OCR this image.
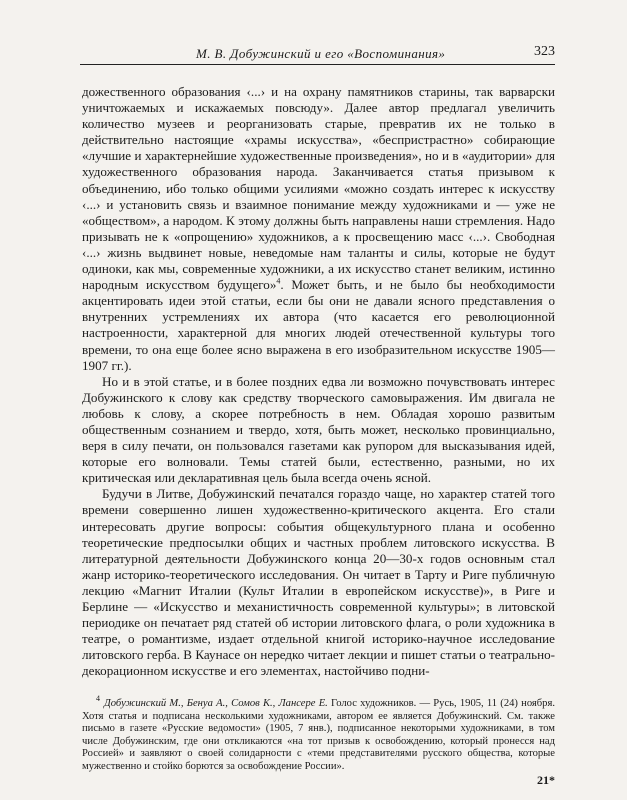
М. В. Добужинский и его «Воспоминания»	323

дожественного образования ‹...› и на охрану памятников старины, так варварски уничтожаемых и искажаемых повсюду». Далее автор предлагал увеличить количество музеев и реорганизовать старые, превратив их не только в действительно настоящие «храмы искусства», «беспристрастно» собирающие «лучшие и характернейшие художественные произведения», но и в «аудитории» для художественного образования народа. Заканчивается статья призывом к объединению, ибо только общими усилиями «можно создать интерес к искусству ‹...› и установить связь и взаимное понимание между художниками и — уже не «обществом», а народом. К этому должны быть направлены наши стремления. Надо призывать не к «опрощению» художников, а к просвещению масс ‹...›. Свободная ‹...› жизнь выдвинет новые, неведомые нам таланты и силы, которые не будут одиноки, как мы, современные художники, а их искусство станет великим, истинно народным искусством будущего»$^4$. Может быть, и не было бы необходимости акцентировать идеи этой статьи, если бы они не давали ясного представления о внутренних устремлениях их автора (что касается его революционной настроенности, характерной для многих людей отечественной культуры того времени, то она еще более ясно выражена в его изобразительном искусстве 1905—1907 гг.).

Но и в этой статье, и в более поздних едва ли возможно почувствовать интерес Добужинского к слову как средству творческого самовыражения. Им двигала не любовь к слову, а скорее потребность в нем. Обладая хорошо развитым общественным сознанием и твердо, хотя, быть может, несколько провинциально, веря в силу печати, он пользовался газетами как рупором для высказывания идей, которые его волновали. Темы статей были, естественно, разными, но их критическая или декларативная цель была всегда очень ясной.

Будучи в Литве, Добужинский печатался гораздо чаще, но характер статей того времени совершенно лишен художественно-критического акцента. Его стали интересовать другие вопросы: события общекультурного плана и особенно теоретические предпосылки общих и частных проблем литовского искусства. В литературной деятельности Добужинского конца 20—30-х годов основным стал жанр историко-теоретического исследования. Он читает в Тарту и Риге публичную лекцию «Магнит Италии (Культ Италии в европейском искусстве)», в Риге и Берлине — «Искусство и механистичность современной культуры»; в литовской периодике он печатает ряд статей об истории литовского флага, о роли художника в театре, о романтизме, издает отдельной книгой историко-научное исследование литовского герба. В Каунасе он нередко читает лекции и пишет статьи о театрально-декорационном искусстве и его элементах, настойчиво подни-

$^4$ Добужинский М., Бенуа А., Сомов К., Лансере Е. Голос художников. — Русь, 1905, 11 (24) ноября. Хотя статья и подписана несколькими художниками, автором ее является Добужинский. См. также письмо в газете «Русские ведомости» (1905, 7 янв.), подписанное некоторыми художниками, в том числе Добужинским, где они откликаются «на тот призыв к освобождению, который пронесся над Россией» и заявляют о своей солидарности с «теми представителями русского общества, которые мужественно и стойко борются за освобождение России».

21*
